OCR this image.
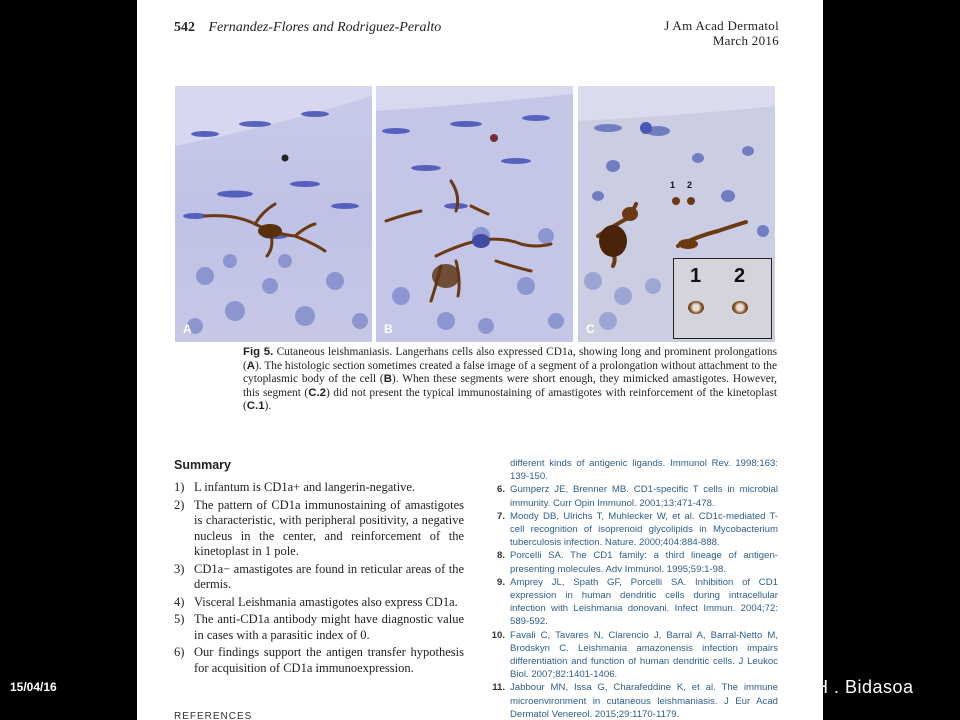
542 Fernandez-Flores and Rodriguez-Peralto	J Am Acad Dermatol
March 2016
A	B
1 2
1 2
C
Fig 5. Cutaneous leishmaniasis. Langerhans cells also expressed CD1a, showing long and prominent prolongations (A). The histologic section sometimes created a false image of a segment of a prolongation without attachment to the cytoplasmic body of the cell (B). When these segments were short enough, they mimicked amastigotes. However, this segment (C.2) did not present the typical immunostaining of amastigotes with reinforcement of the kinetoplast (C.1).
Summary
1) L infantum is CD1a+ and langerin-negative.
2) The pattern of CD1a immunostaining of amastigotes is characteristic, with peripheral positivity, a negative nucleus in the center, and reinforcement of the kinetoplast in 1 pole.
3) CD1a− amastigotes are found in reticular areas of the dermis.
4) Visceral Leishmania amastigotes also express CD1a.
5) The anti-CD1a antibody might have diagnostic value in cases with a parasitic index of 0.
6) Our findings support the antigen transfer hypothesis for acquisition of CD1a immunoexpression.
different kinds of antigenic ligands. Immunol Rev. 1998;163: 139-150.
6. Gumperz JE, Brenner MB. CD1-specific T cells in microbial immunity. Curr Opin Immunol. 2001;13:471-478.
7. Moody DB, Ulrichs T, Muhlecker W, et al. CD1c-mediated T-cell recognition of isoprenoid glycolipids in Mycobacterium tuberculosis infection. Nature. 2000;404:884-888.
8. Porcelli SA. The CD1 family: a third lineage of antigen-presenting molecules. Adv Immunol. 1995;59:1-98.
9. Amprey JL, Spath GF, Porcelli SA. Inhibition of CD1 expression in human dendritic cells during intracellular infection with Leishmania donovani. Infect Immun. 2004;72: 589-592.
10. Favali C, Tavares N, Clarencio J, Barral A, Barral-Netto M, Brodskyn C. Leishmania amazonensis infection impairs differentiation and function of human dendritic cells. J Leukoc Biol. 2007;82:1401-1406.
11. Jabbour MN, Issa G, Charafeddine K, et al. The immune microenvironment in cutaneous leishmaniasis. J Eur Acad Dermatol Venereol. 2015;29:1170-1179.
REFERENCES
15/04/16	H . Bidasoa
